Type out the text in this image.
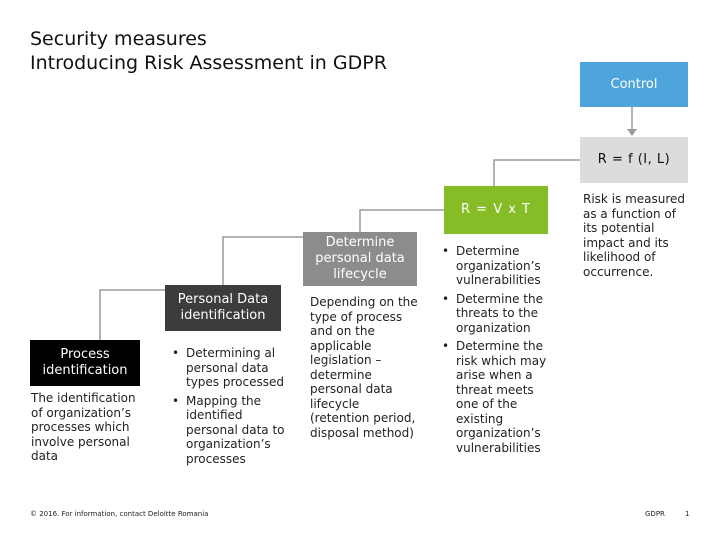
Security measures
Introducing Risk Assessment in GDPR
Process identification
The identification of organization’s processes which involve personal data
Personal Data identification
• Determining al personal data types processed
• Mapping the identified personal data to organization’s processes
Determine personal data lifecycle
Depending on the type of process and on the applicable legislation – determine personal data lifecycle (retention period, disposal method)
R = V x T
• Determine organization’s vulnerabilities
• Determine the threats to the organization
• Determine the risk which may arise when a threat meets one of the existing organization’s vulnerabilities
R = f (I, L)
Risk is measured as a function of its potential impact and its likelihood of occurrence.
Control
© 2016. For information, contact Deloitte Romania	GDPR	1
